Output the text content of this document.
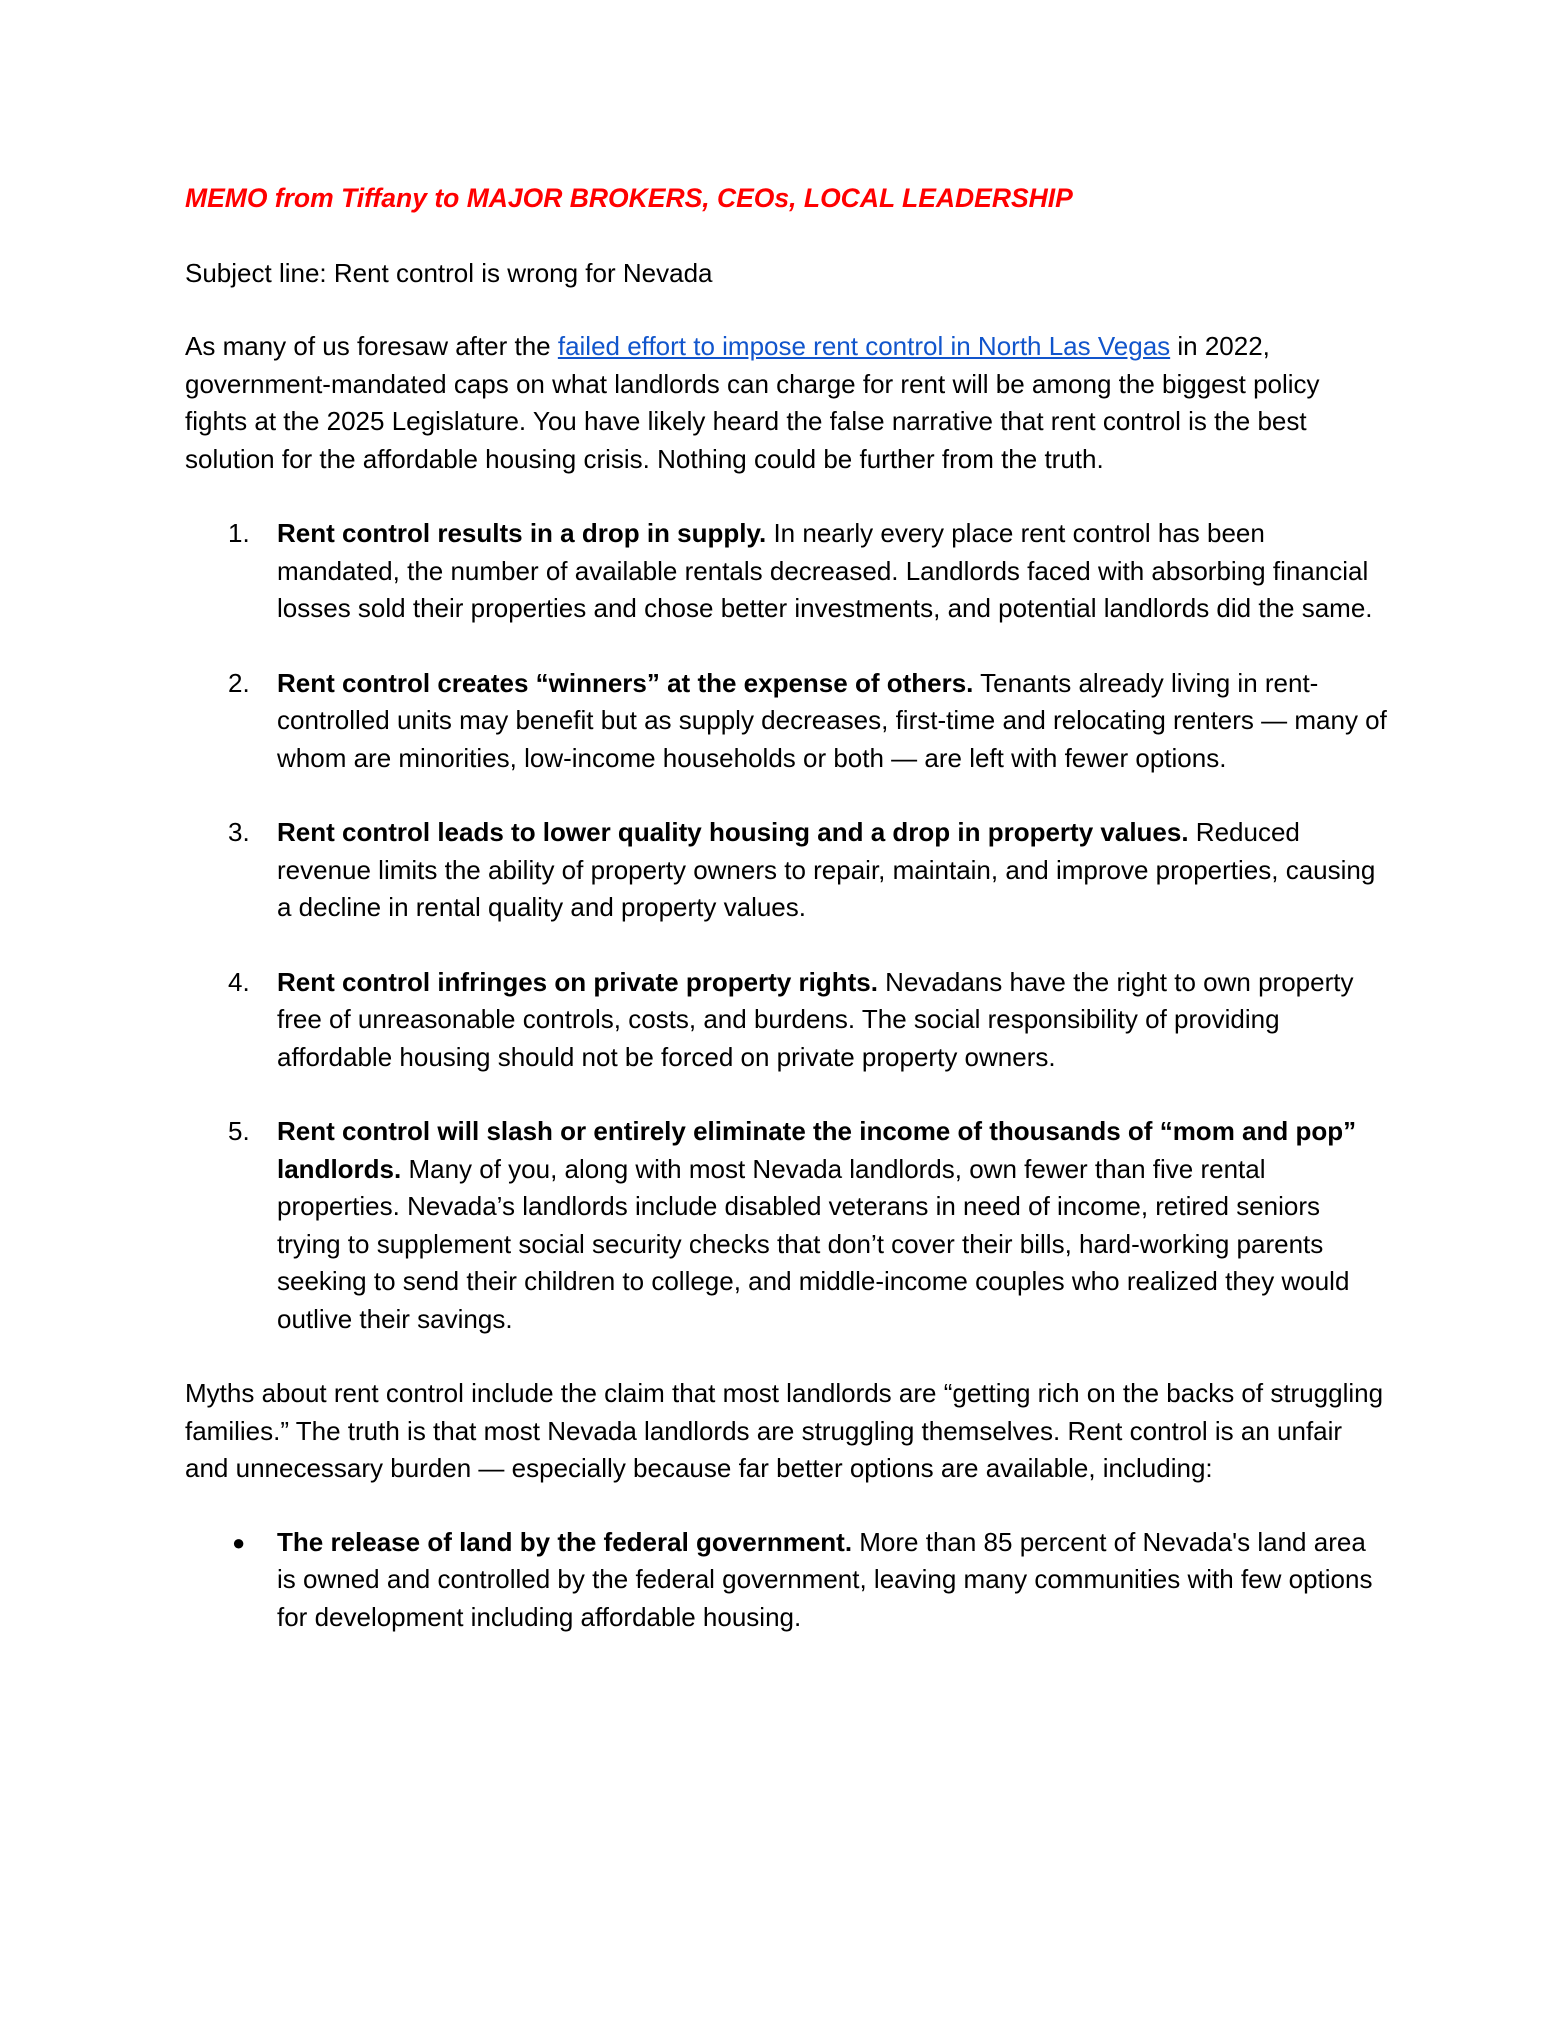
MEMO from Tiffany to MAJOR BROKERS, CEOs, LOCAL LEADERSHIP
Subject line: Rent control is wrong for Nevada

As many of us foresaw after the failed effort to impose rent control in North Las Vegas in 2022, government-mandated caps on what landlords can charge for rent will be among the biggest policy fights at the 2025 Legislature. You have likely heard the false narrative that rent control is the best solution for the affordable housing crisis. Nothing could be further from the truth.

1. Rent control results in a drop in supply. In nearly every place rent control has been mandated, the number of available rentals decreased. Landlords faced with absorbing financial losses sold their properties and chose better investments, and potential landlords did the same.
2. Rent control creates “winners” at the expense of others. Tenants already living in rent-controlled units may benefit but as supply decreases, first-time and relocating renters — many of whom are minorities, low-income households or both — are left with fewer options.
3. Rent control leads to lower quality housing and a drop in property values. Reduced revenue limits the ability of property owners to repair, maintain, and improve properties, causing a decline in rental quality and property values.
4. Rent control infringes on private property rights. Nevadans have the right to own property free of unreasonable controls, costs, and burdens. The social responsibility of providing affordable housing should not be forced on private property owners.
5. Rent control will slash or entirely eliminate the income of thousands of “mom and pop” landlords. Many of you, along with most Nevada landlords, own fewer than five rental properties. Nevada’s landlords include disabled veterans in need of income, retired seniors trying to supplement social security checks that don’t cover their bills, hard-working parents seeking to send their children to college, and middle-income couples who realized they would outlive their savings.

Myths about rent control include the claim that most landlords are “getting rich on the backs of struggling families.” The truth is that most Nevada landlords are struggling themselves. Rent control is an unfair and unnecessary burden — especially because far better options are available, including:

● The release of land by the federal government. More than 85 percent of Nevada's land area is owned and controlled by the federal government, leaving many communities with few options for development including affordable housing.
